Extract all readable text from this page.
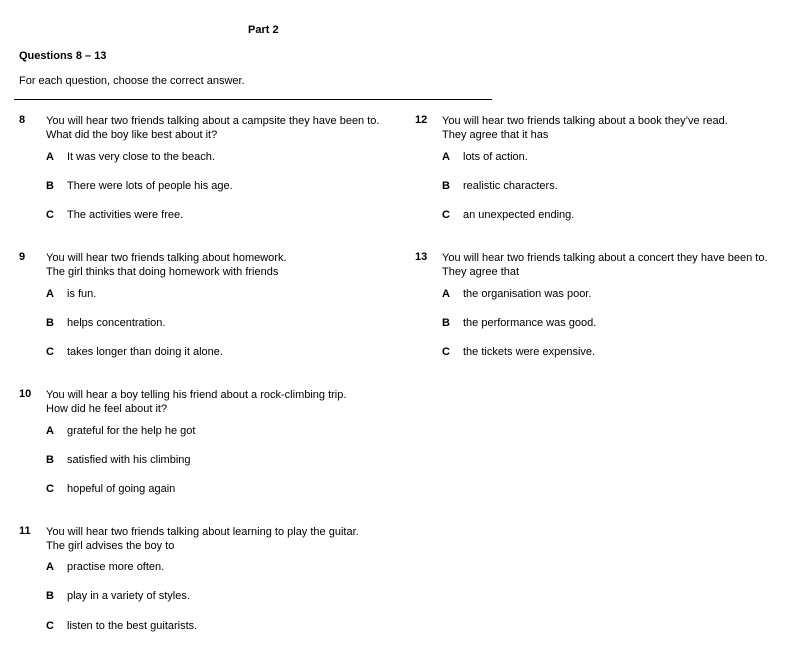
Part 2
Questions 8 – 13
For each question, choose the correct answer.
8 You will hear two friends talking about a campsite they have been to.
What did the boy like best about it?
A It was very close to the beach.
B There were lots of people his age.
C The activities were free.
9 You will hear two friends talking about homework.
The girl thinks that doing homework with friends
A is fun.
B helps concentration.
C takes longer than doing it alone.
10 You will hear a boy telling his friend about a rock-climbing trip.
How did he feel about it?
A grateful for the help he got
B satisfied with his climbing
C hopeful of going again
11 You will hear two friends talking about learning to play the guitar.
The girl advises the boy to
A practise more often.
B play in a variety of styles.
C listen to the best guitarists.
12 You will hear two friends talking about a book they’ve read.
They agree that it has
A lots of action.
B realistic characters.
C an unexpected ending.
13 You will hear two friends talking about a concert they have been to.
They agree that
A the organisation was poor.
B the performance was good.
C the tickets were expensive.
